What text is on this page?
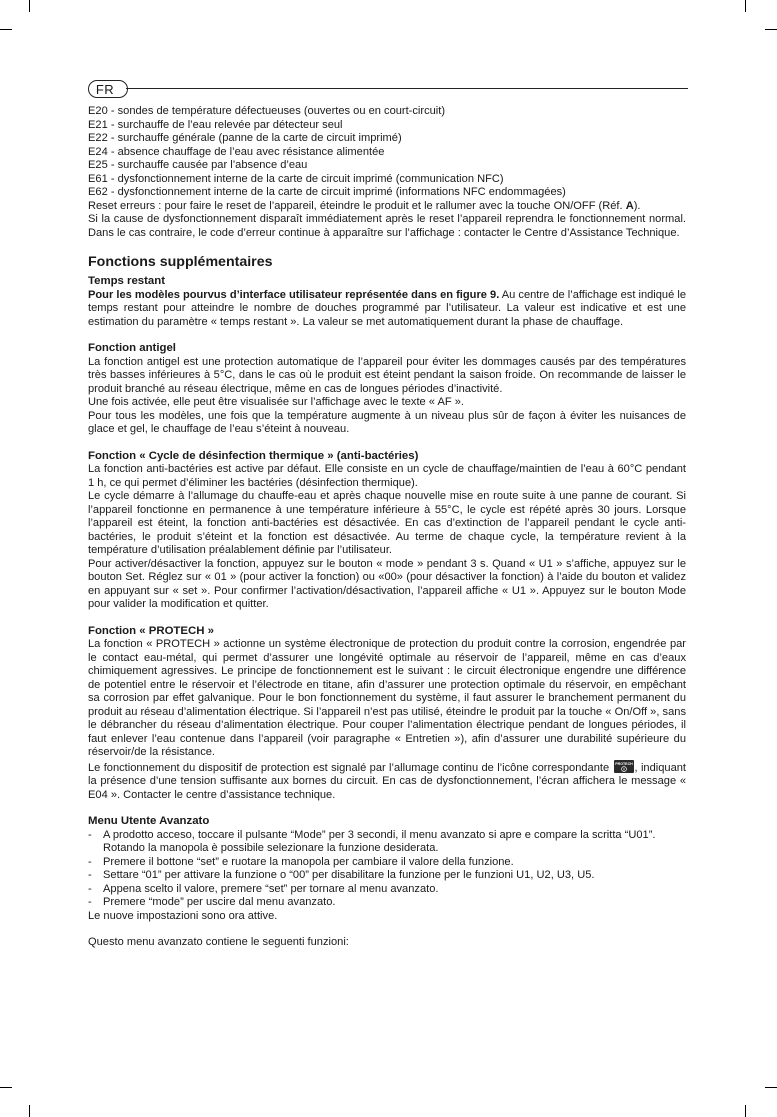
FR
E20 - sondes de température défectueuses (ouvertes ou en court-circuit)
E21 - surchauffe de l’eau relevée par détecteur seul
E22 - surchauffe générale (panne de la carte de circuit imprimé)
E24 - absence chauffage de l’eau avec résistance alimentée
E25 - surchauffe causée par l’absence d’eau
E61 - dysfonctionnement interne de la carte de circuit imprimé (communication NFC)
E62 - dysfonctionnement interne de la carte de circuit imprimé (informations NFC endommagées)

Reset erreurs : pour faire le reset de l’appareil, éteindre le produit et le rallumer avec la touche ON/OFF (Réf. A).

Si la cause de dysfonctionnement disparaît immédiatement après le reset l’appareil reprendra le fonctionnement normal. Dans le cas contraire, le code d’erreur continue à apparaître sur l’affichage : contacter le Centre d’Assistance Technique.

Fonctions supplémentaires
Temps restant

Pour les modèles pourvus d’interface utilisateur représentée dans en figure 9. Au centre de l’affichage est indiqué le temps restant pour atteindre le nombre de douches programmé par l’utilisateur. La valeur est indicative et est une estimation du paramètre « temps restant ». La valeur se met automatiquement durant la phase de chauffage.

Fonction antigel

La fonction antigel est une protection automatique de l’appareil pour éviter les dommages causés par des températures très basses inférieures à 5°C, dans le cas où le produit est éteint pendant la saison froide. On recommande de laisser le produit branché au réseau électrique, même en cas de longues périodes d’inactivité.

Une fois activée, elle peut être visualisée sur l’affichage avec le texte « AF ».

Pour tous les modèles, une fois que la température augmente à un niveau plus sûr de façon à éviter les nuisances de glace et gel, le chauffage de l’eau s’éteint à nouveau.

Fonction « Cycle de désinfection thermique » (anti-bactéries)

La fonction anti-bactéries est active par défaut. Elle consiste en un cycle de chauffage/maintien de l’eau à 60°C pendant 1 h, ce qui permet d’éliminer les bactéries (désinfection thermique).

Le cycle démarre à l’allumage du chauffe-eau et après chaque nouvelle mise en route suite à une panne de courant. Si l’appareil fonctionne en permanence à une température inférieure à 55°C, le cycle est répété après 30 jours. Lorsque l’appareil est éteint, la fonction anti-bactéries est désactivée. En cas d’extinction de l’appareil pendant le cycle anti-bactéries, le produit s’éteint et la fonction est désactivée. Au terme de chaque cycle, la température revient à la température d’utilisation préalablement définie par l’utilisateur.

Pour activer/désactiver la fonction, appuyez sur le bouton « mode » pendant 3 s. Quand « U1 » s’affiche, appuyez sur le bouton Set. Réglez sur « 01 » (pour activer la fonction) ou «00» (pour désactiver la fonction) à l’aide du bouton et validez en appuyant sur « set ». Pour confirmer l’activation/désactivation, l’appareil affiche « U1 ». Appuyez sur le bouton Mode pour valider la modification et quitter.

Fonction « PROTECH »

La fonction « PROTECH » actionne un système électronique de protection du produit contre la corrosion, engendrée par le contact eau-métal, qui permet d’assurer une longévité optimale au réservoir de l’appareil, même en cas d’eaux chimiquement agressives. Le principe de fonctionnement est le suivant : le circuit électronique engendre une différence de potentiel entre le réservoir et l’électrode en titane, afin d’assurer une protection optimale du réservoir, en empêchant sa corrosion par effet galvanique. Pour le bon fonctionnement du système, il faut assurer le branchement permanent du produit au réseau d’alimentation électrique. Si l’appareil n’est pas utilisé, éteindre le produit par la touche « On/Off », sans le débrancher du réseau d’alimentation électrique. Pour couper l’alimentation électrique pendant de longues périodes, il faut enlever l’eau contenue dans l’appareil (voir paragraphe « Entretien »), afin d’assurer une durabilité supérieure du réservoir/de la résistance.

Le fonctionnement du dispositif de protection est signalé par l’allumage continu de l’icône correspondante PROTECH , indiquant la présence d’une tension suffisante aux bornes du circuit. En cas de dysfonctionnement, l’écran affichera le message « E04 ». Contacter le centre d’assistance technique.

Menu Utente Avanzato
- A prodotto acceso, toccare il pulsante “Mode” per 3 secondi, il menu avanzato si apre e compare la scritta “U01”. Rotando la manopola è possibile selezionare la funzione desiderata.
- Premere il bottone “set” e ruotare la manopola per cambiare il valore della funzione.
- Settare “01” per attivare la funzione o “00” per disabilitare la funzione per le funzioni U1, U2, U3, U5.
- Appena scelto il valore, premere “set” per tornare al menu avanzato.
- Premere “mode” per uscire dal menu avanzato.

Le nuove impostazioni sono ora attive.

Questo menu avanzato contiene le seguenti funzioni:
